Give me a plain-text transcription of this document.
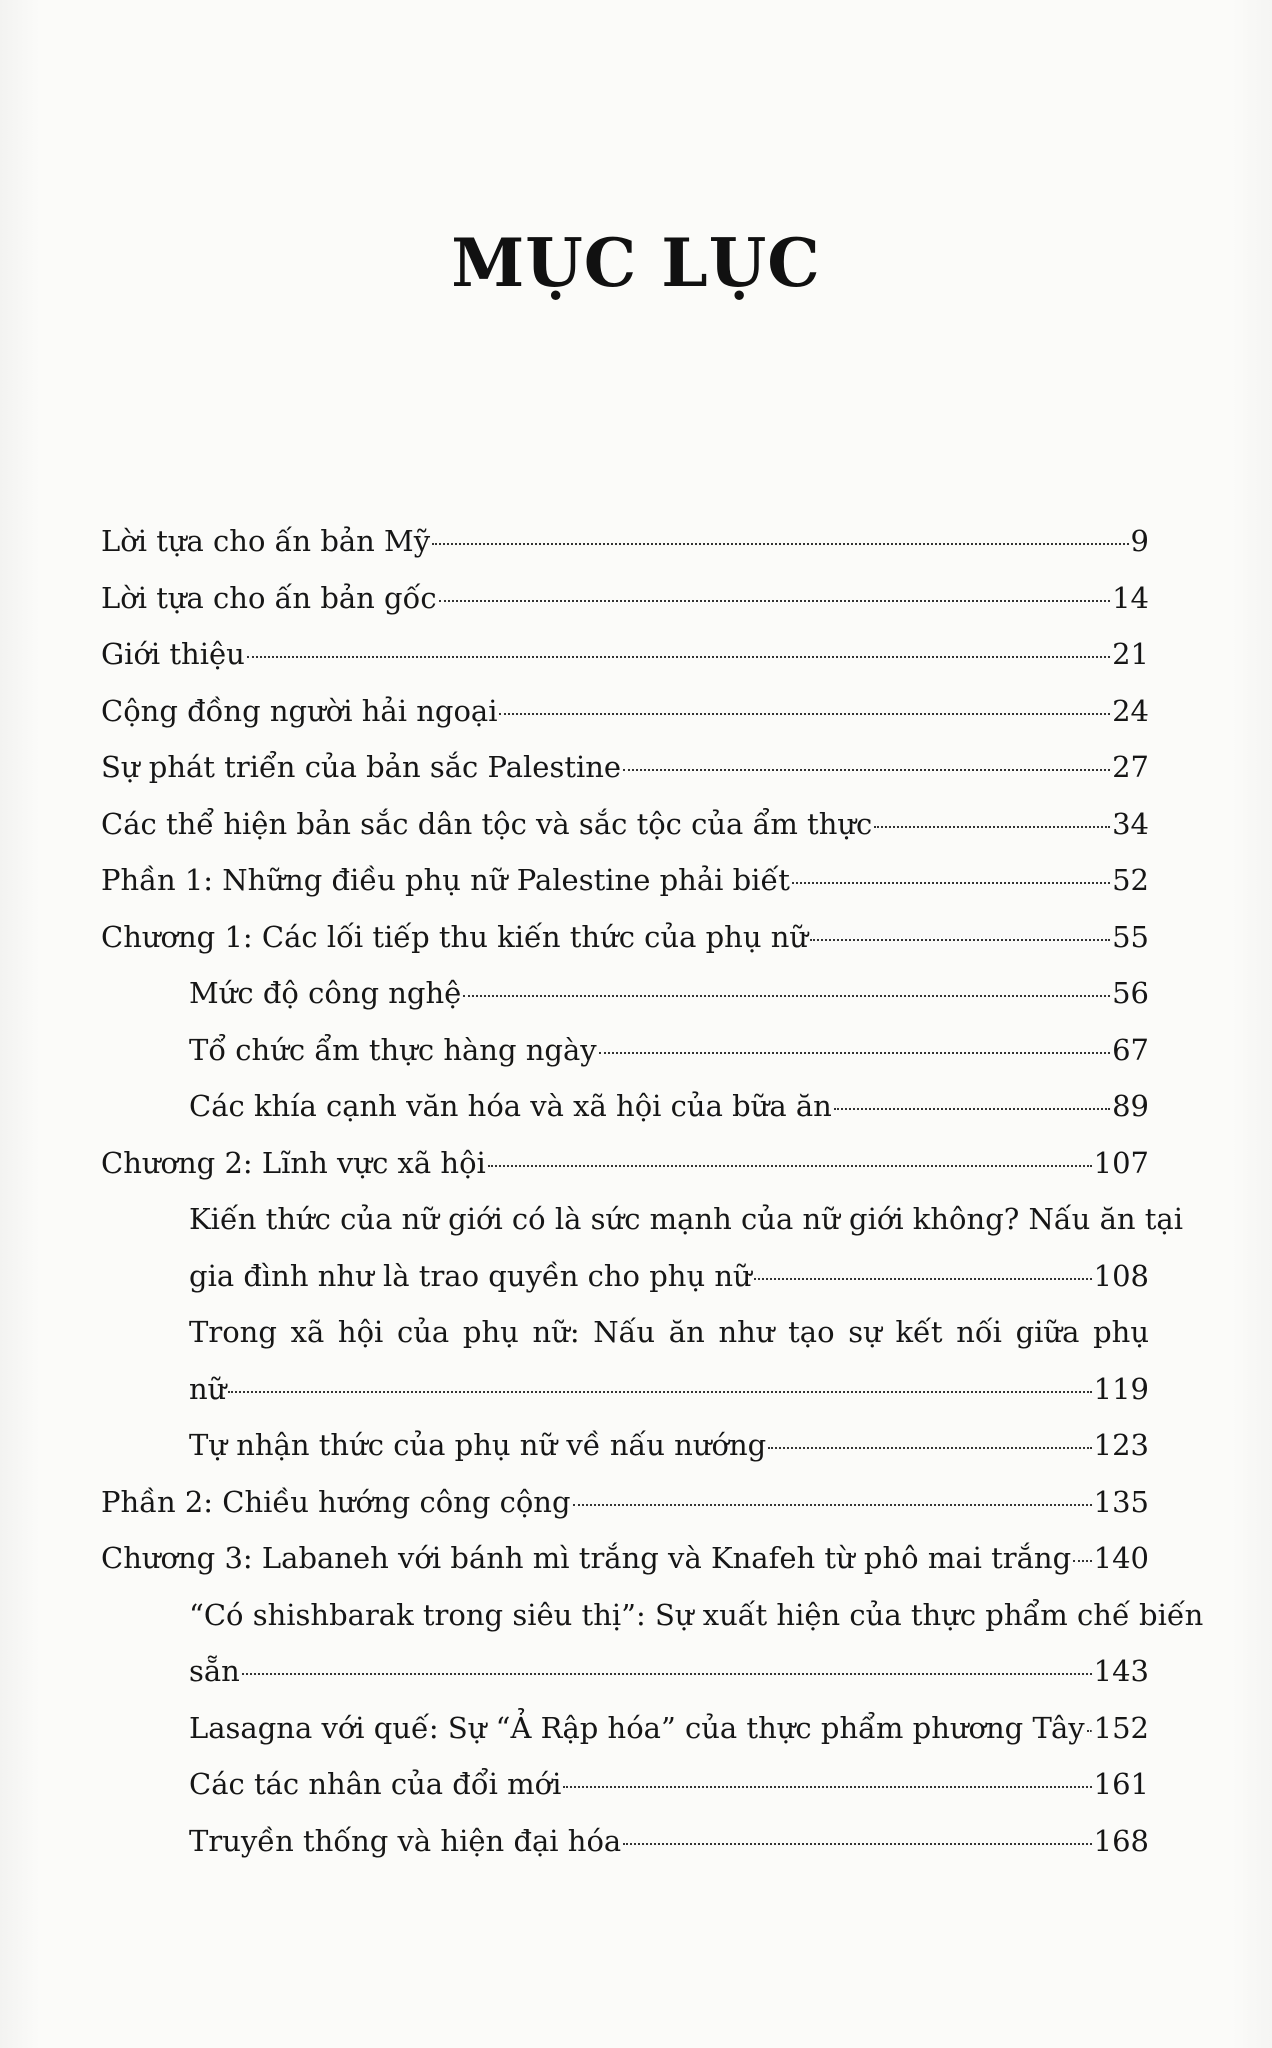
MỤC LỤC
Lời tựa cho ấn bản Mỹ	9
Lời tựa cho ấn bản gốc	14
Giới thiệu	21
Cộng đồng người hải ngoại	24
Sự phát triển của bản sắc Palestine	27
Các thể hiện bản sắc dân tộc và sắc tộc của ẩm thực	34
Phần 1: Những điều phụ nữ Palestine phải biết	52
Chương 1: Các lối tiếp thu kiến thức của phụ nữ	55
Mức độ công nghệ	56
Tổ chức ẩm thực hàng ngày	67
Các khía cạnh văn hóa và xã hội của bữa ăn	89
Chương 2: Lĩnh vực xã hội	107
Kiến thức của nữ giới có là sức mạnh của nữ giới không? Nấu ăn tại
gia đình như là trao quyền cho phụ nữ	108
Trong xã hội của phụ nữ: Nấu ăn như tạo sự kết nối giữa phụ
nữ	119
Tự nhận thức của phụ nữ về nấu nướng	123
Phần 2: Chiều hướng công cộng	135
Chương 3: Labaneh với bánh mì trắng và Knafeh từ phô mai trắng 140
“Có shishbarak trong siêu thị”: Sự xuất hiện của thực phẩm chế biến
sẵn	143
Lasagna với quế: Sự “Ả Rập hóa” của thực phẩm phương Tây 152
Các tác nhân của đổi mới	161
Truyền thống và hiện đại hóa	168
